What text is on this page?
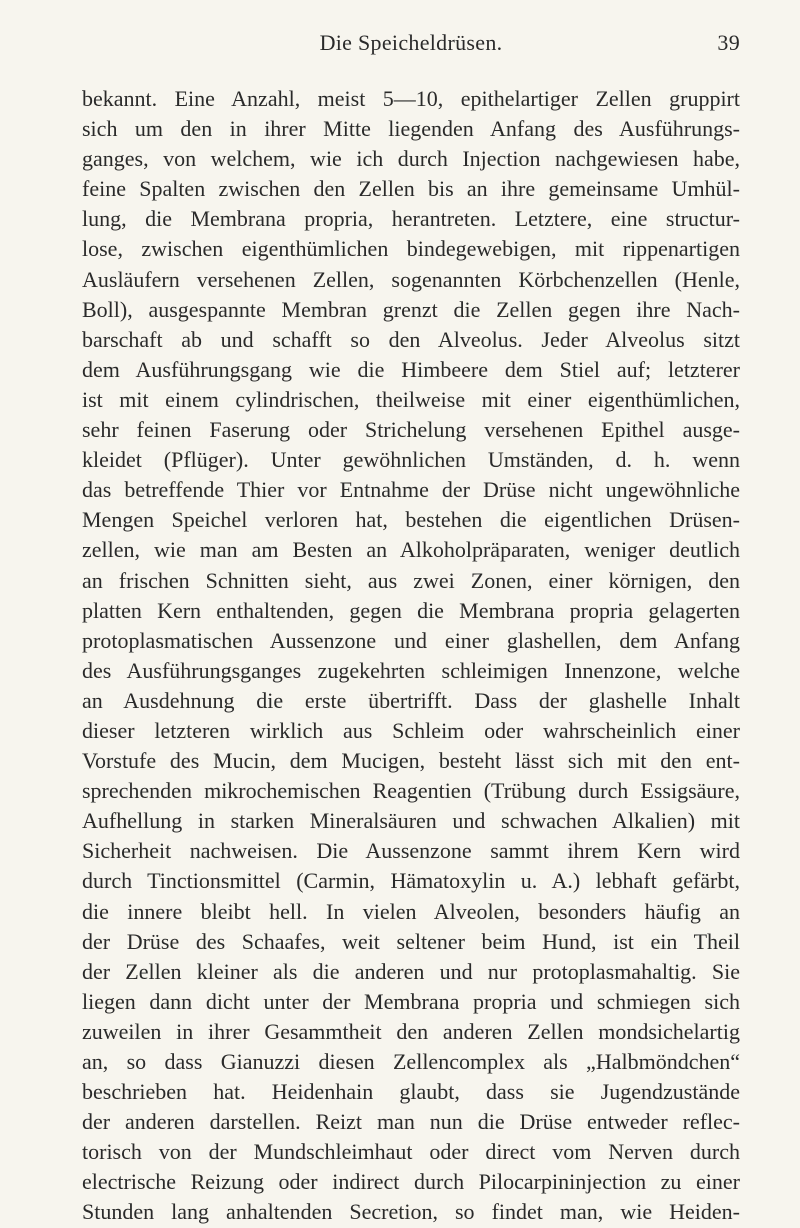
Die Speicheldrüsen.	39
bekannt. Eine Anzahl, meist 5—10, epithelartiger Zellen gruppirt
sich um den in ihrer Mitte liegenden Anfang des Ausführungs-
ganges, von welchem, wie ich durch Injection nachgewiesen habe,
feine Spalten zwischen den Zellen bis an ihre gemeinsame Umhül-
lung, die Membrana propria, herantreten. Letztere, eine structur-
lose, zwischen eigenthümlichen bindegewebigen, mit rippenartigen
Ausläufern versehenen Zellen, sogenannten Körbchenzellen (Henle,
Boll), ausgespannte Membran grenzt die Zellen gegen ihre Nach-
barschaft ab und schafft so den Alveolus. Jeder Alveolus sitzt
dem Ausführungsgang wie die Himbeere dem Stiel auf; letzterer
ist mit einem cylindrischen, theilweise mit einer eigenthümlichen,
sehr feinen Faserung oder Strichelung versehenen Epithel ausge-
kleidet (Pflüger). Unter gewöhnlichen Umständen, d. h. wenn
das betreffende Thier vor Entnahme der Drüse nicht ungewöhnliche
Mengen Speichel verloren hat, bestehen die eigentlichen Drüsen-
zellen, wie man am Besten an Alkoholpräparaten, weniger deutlich
an frischen Schnitten sieht, aus zwei Zonen, einer körnigen, den
platten Kern enthaltenden, gegen die Membrana propria gelagerten
protoplasmatischen Aussenzone und einer glashellen, dem Anfang
des Ausführungsganges zugekehrten schleimigen Innenzone, welche
an Ausdehnung die erste übertrifft. Dass der glashelle Inhalt
dieser letzteren wirklich aus Schleim oder wahrscheinlich einer
Vorstufe des Mucin, dem Mucigen, besteht lässt sich mit den ent-
sprechenden mikrochemischen Reagentien (Trübung durch Essigsäure,
Aufhellung in starken Mineralsäuren und schwachen Alkalien) mit
Sicherheit nachweisen. Die Aussenzone sammt ihrem Kern wird
durch Tinctionsmittel (Carmin, Hämatoxylin u. A.) lebhaft gefärbt,
die innere bleibt hell. In vielen Alveolen, besonders häufig an
der Drüse des Schaafes, weit seltener beim Hund, ist ein Theil
der Zellen kleiner als die anderen und nur protoplasmahaltig. Sie
liegen dann dicht unter der Membrana propria und schmiegen sich
zuweilen in ihrer Gesammtheit den anderen Zellen mondsichelartig
an, so dass Gianuzzi diesen Zellencomplex als „Halbmöndchen“
beschrieben hat. Heidenhain glaubt, dass sie Jugendzustände
der anderen darstellen. Reizt man nun die Drüse entweder reflec-
torisch von der Mundschleimhaut oder direct vom Nerven durch
electrische Reizung oder indirect durch Pilocarpininjection zu einer
Stunden lang anhaltenden Secretion, so findet man, wie Heiden-
